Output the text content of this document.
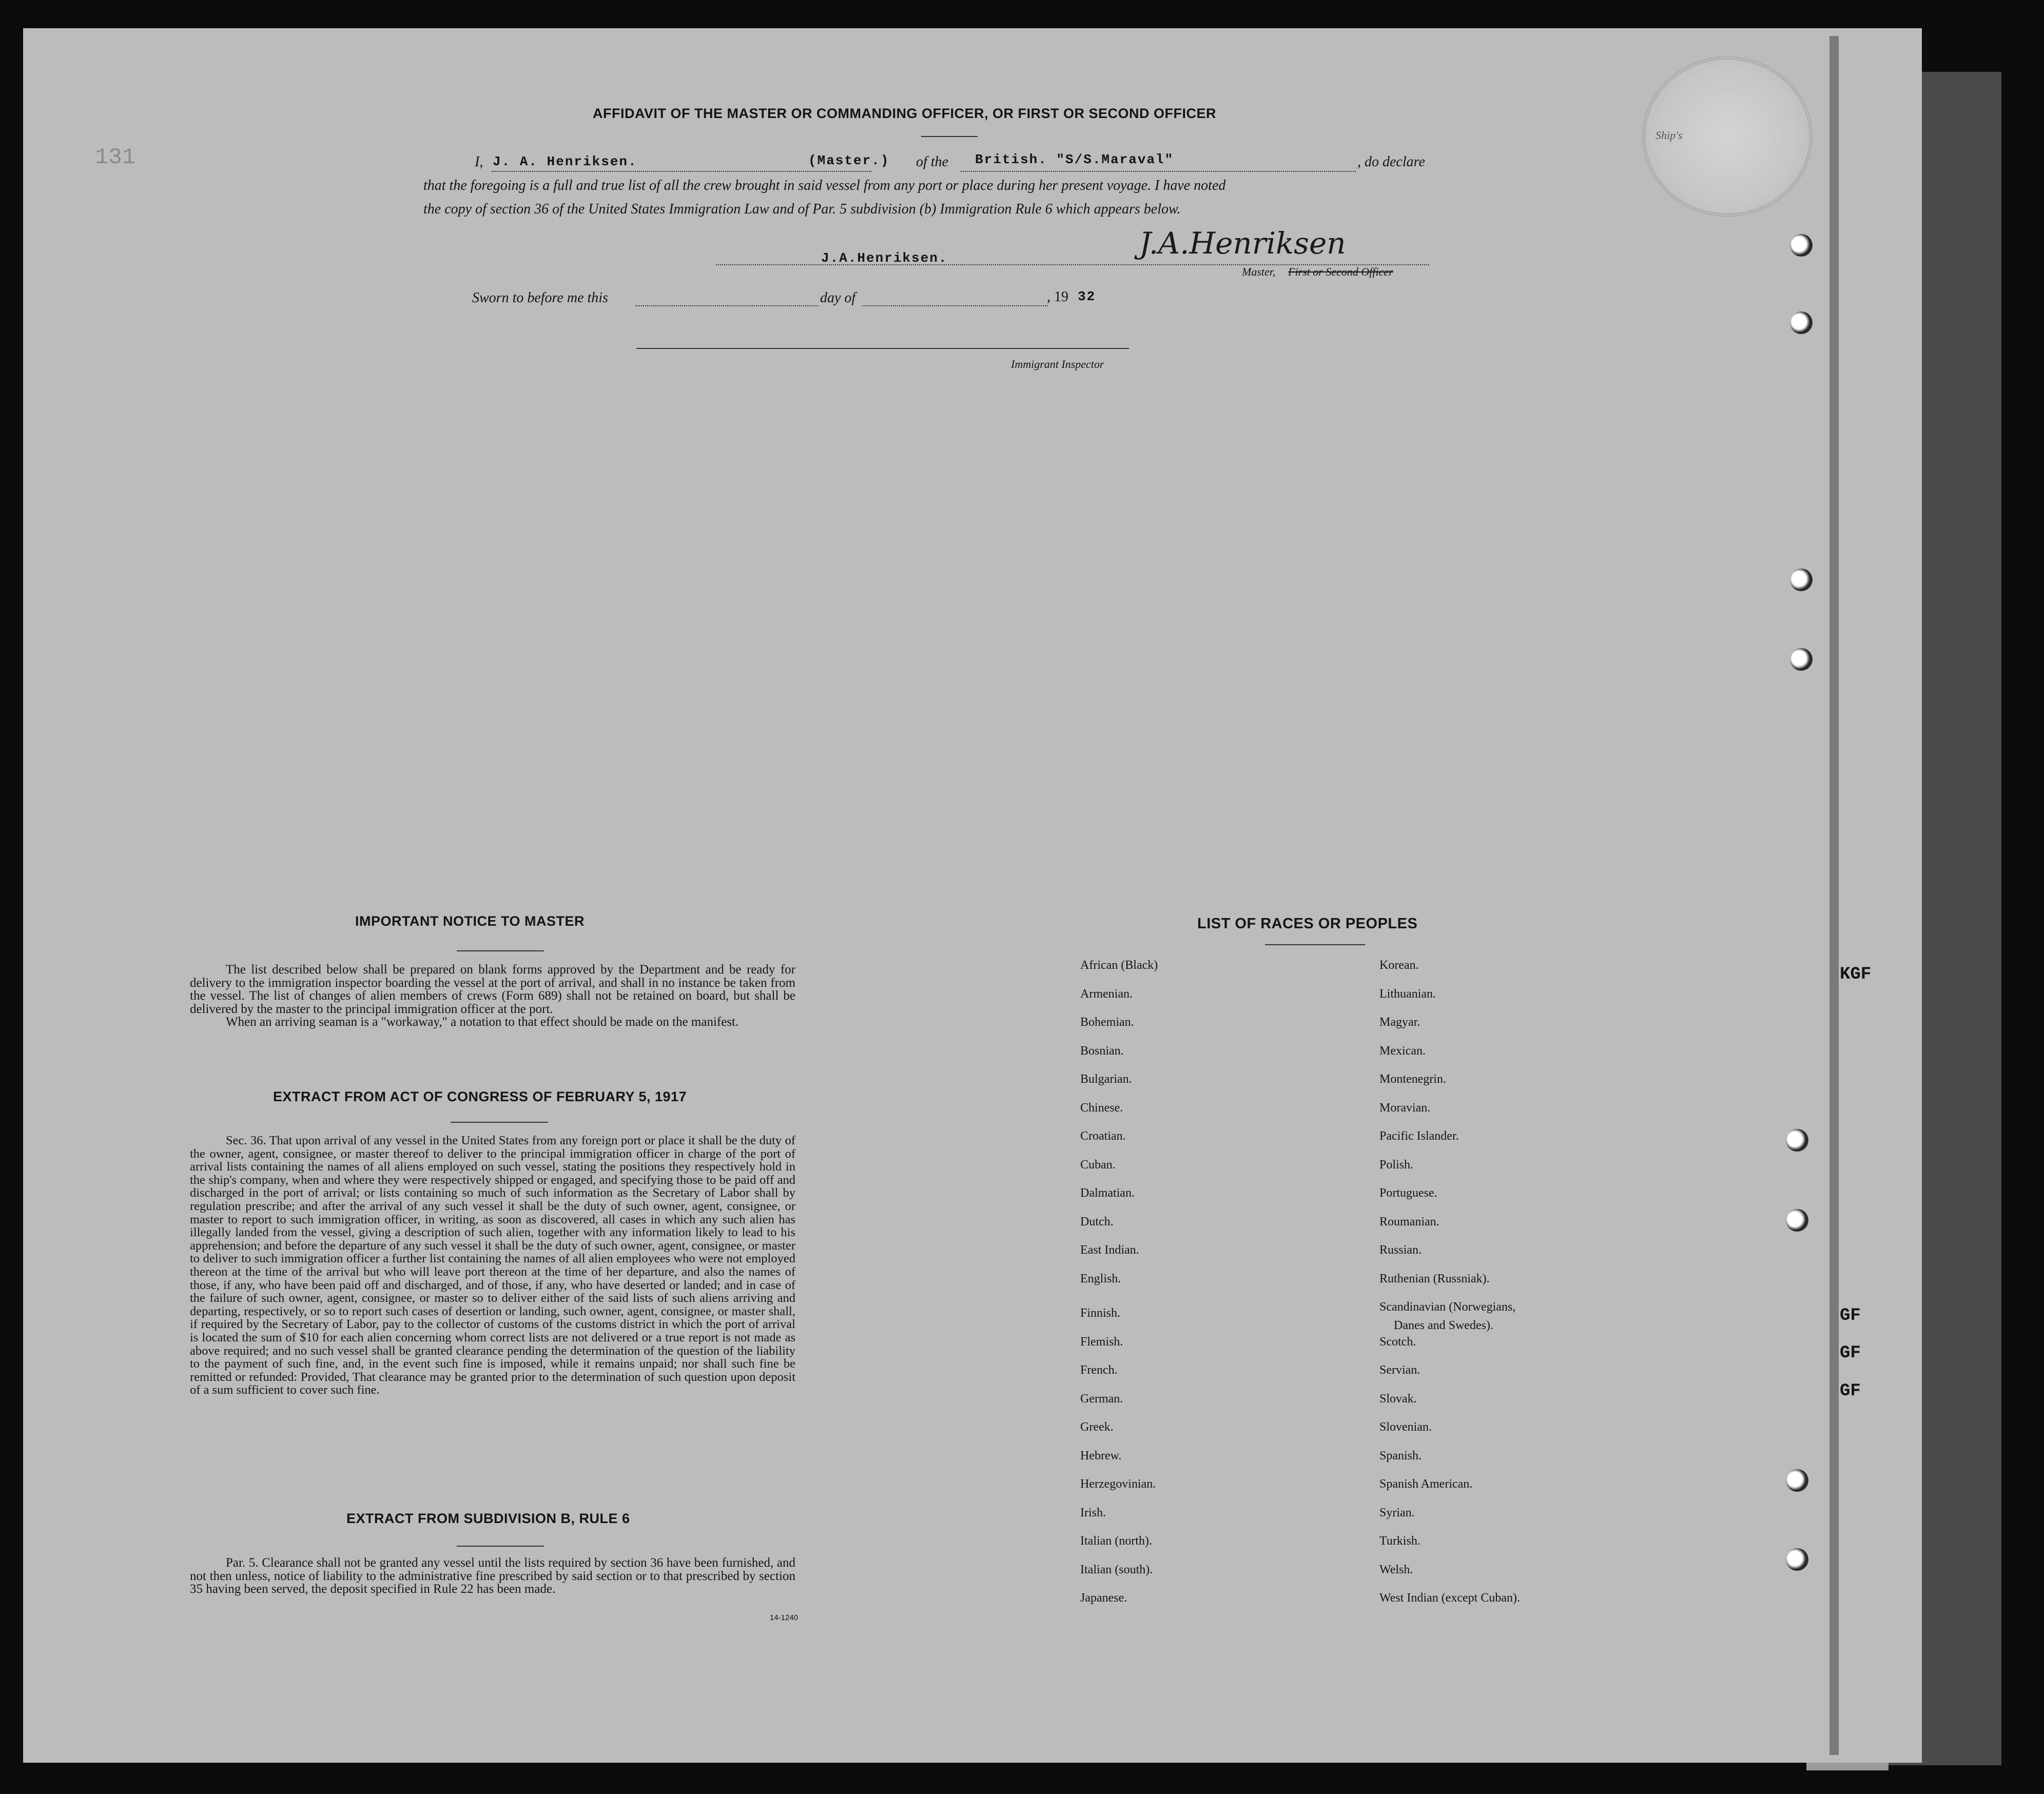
KGF
GF
GF
GF
Ship's
131
AFFIDAVIT OF THE MASTER OR COMMANDING OFFICER, OR FIRST OR SECOND OFFICER
I, J. A. Henriksen.	(Master.) of the British. "S/S.Maraval"	, do declare
that the foregoing is a full and true list of all the crew brought in said vessel from any port or place during her present voyage. I have noted
the copy of section 36 of the United States Immigration Law and of Par. 5 subdivision (b) Immigration Rule 6 which appears below.
J.A.Henriksen.	J.A.Henriksen
Master, First or Second Officer
Sworn to before me this	day of	, 19 32
Immigrant Inspector
IMPORTANT NOTICE TO MASTER

The list described below shall be prepared on blank forms approved by the Department and be ready for delivery to the immigration inspector boarding the vessel at the port of arrival, and shall in no instance be taken from the vessel. The list of changes of alien members of crews (Form 689) shall not be retained on board, but shall be delivered by the master to the principal immigration officer at the port.

When an arriving seaman is a "workaway," a notation to that effect should be made on the manifest.

EXTRACT FROM ACT OF CONGRESS OF FEBRUARY 5, 1917

Sec. 36. That upon arrival of any vessel in the United States from any foreign port or place it shall be the duty of the owner, agent, consignee, or master thereof to deliver to the principal immigration officer in charge of the port of arrival lists containing the names of all aliens employed on such vessel, stating the positions they respectively hold in the ship's company, when and where they were respectively shipped or engaged, and specifying those to be paid off and discharged in the port of arrival; or lists containing so much of such information as the Secretary of Labor shall by regulation prescribe; and after the arrival of any such vessel it shall be the duty of such owner, agent, consignee, or master to report to such immigration officer, in writing, as soon as discovered, all cases in which any such alien has illegally landed from the vessel, giving a description of such alien, together with any information likely to lead to his apprehension; and before the departure of any such vessel it shall be the duty of such owner, agent, consignee, or master to deliver to such immigration officer a further list containing the names of all alien employees who were not employed thereon at the time of the arrival but who will leave port thereon at the time of her departure, and also the names of those, if any, who have been paid off and discharged, and of those, if any, who have deserted or landed; and in case of the failure of such owner, agent, consignee, or master so to deliver either of the said lists of such aliens arriving and departing, respectively, or so to report such cases of desertion or landing, such owner, agent, consignee, or master shall, if required by the Secretary of Labor, pay to the collector of customs of the customs district in which the port of arrival is located the sum of $10 for each alien concerning whom correct lists are not delivered or a true report is not made as above required; and no such vessel shall be granted clearance pending the determination of the question of the liability to the payment of such fine, and, in the event such fine is imposed, while it remains unpaid; nor shall such fine be remitted or refunded: Provided, That clearance may be granted prior to the determination of such question upon deposit of a sum sufficient to cover such fine.

EXTRACT FROM SUBDIVISION B, RULE 6

Par. 5. Clearance shall not be granted any vessel until the lists required by section 36 have been furnished, and not then unless, notice of liability to the administrative fine prescribed by said section or to that prescribed by section 35 having been served, the deposit specified in Rule 22 has been made.

14-1240
LIST OF RACES OR PEOPLES
African (Black)
Armenian.
Bohemian.
Bosnian.
Bulgarian.
Chinese.
Croatian.
Cuban.
Dalmatian.
Dutch.
East Indian.
English.
Finnish.
Flemish.
French.
German.
Greek.
Hebrew.
Herzegovinian.
Irish.
Italian (north).
Italian (south).
Japanese.
Korean.
Lithuanian.
Magyar.
Mexican.
Montenegrin.
Moravian.
Pacific Islander.
Polish.
Portuguese.
Roumanian.
Russian.
Ruthenian (Russniak).
Scandinavian (Norwegians,
Danes and Swedes).
Scotch.
Servian.
Slovak.
Slovenian.
Spanish.
Spanish American.
Syrian.
Turkish.
Welsh.
West Indian (except Cuban).
